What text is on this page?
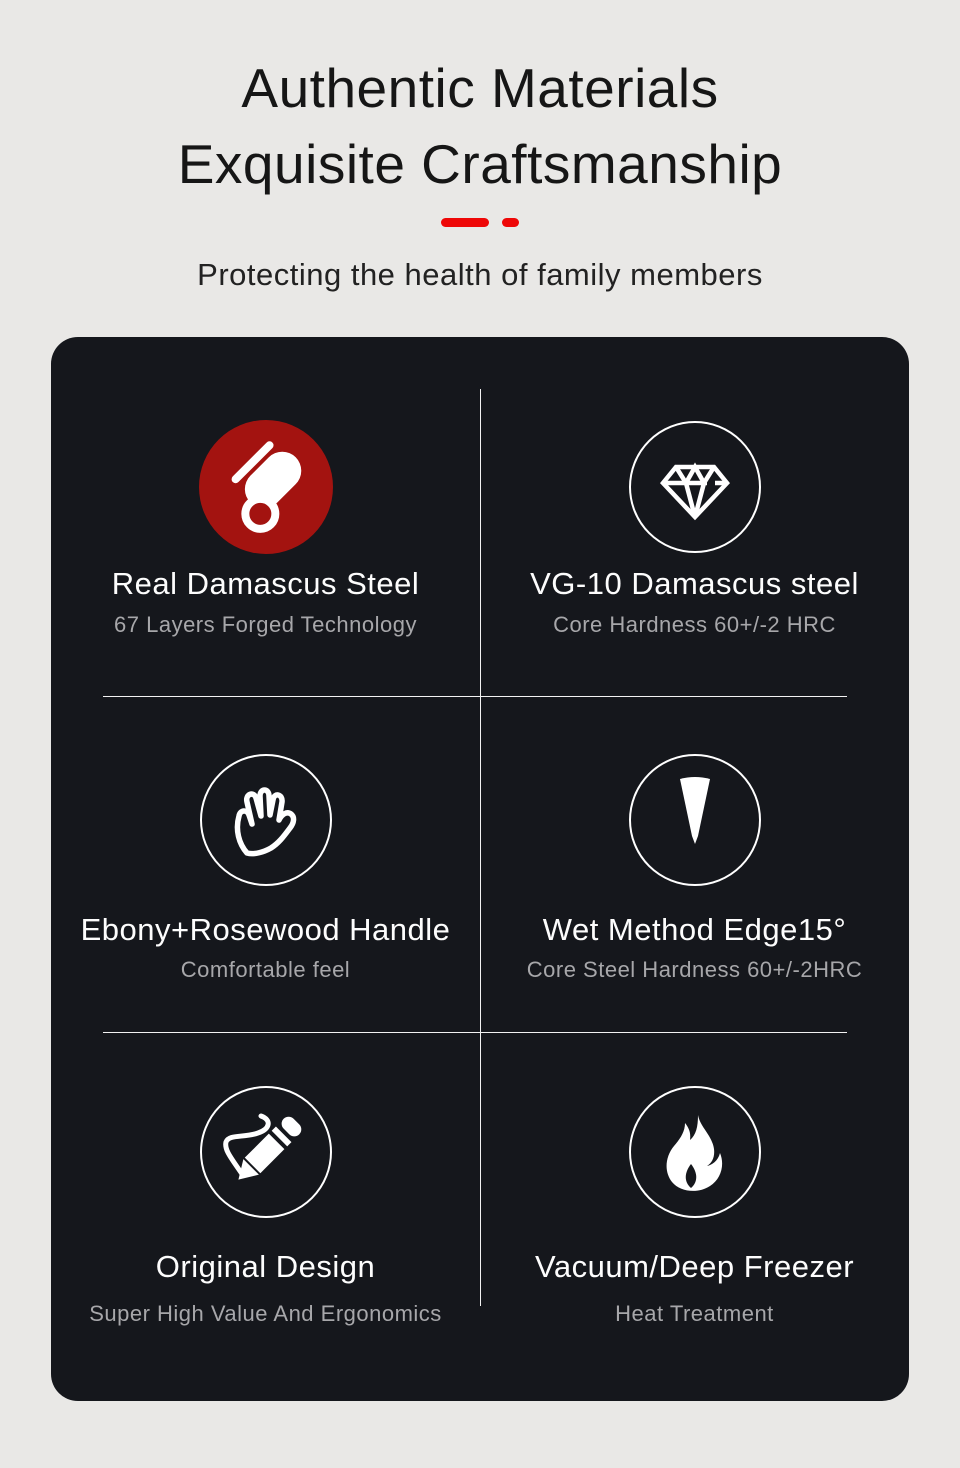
Authentic Materials
Exquisite Craftsmanship
Protecting the health of family members
Real Damascus Steel
67 Layers Forged Technology
VG-10 Damascus steel
Core Hardness 60+/-2 HRC
Ebony+Rosewood Handle
Comfortable feel
Wet Method Edge15°
Core Steel Hardness 60+/-2HRC
Original Design
Super High Value And Ergonomics
Vacuum/Deep Freezer
Heat Treatment
